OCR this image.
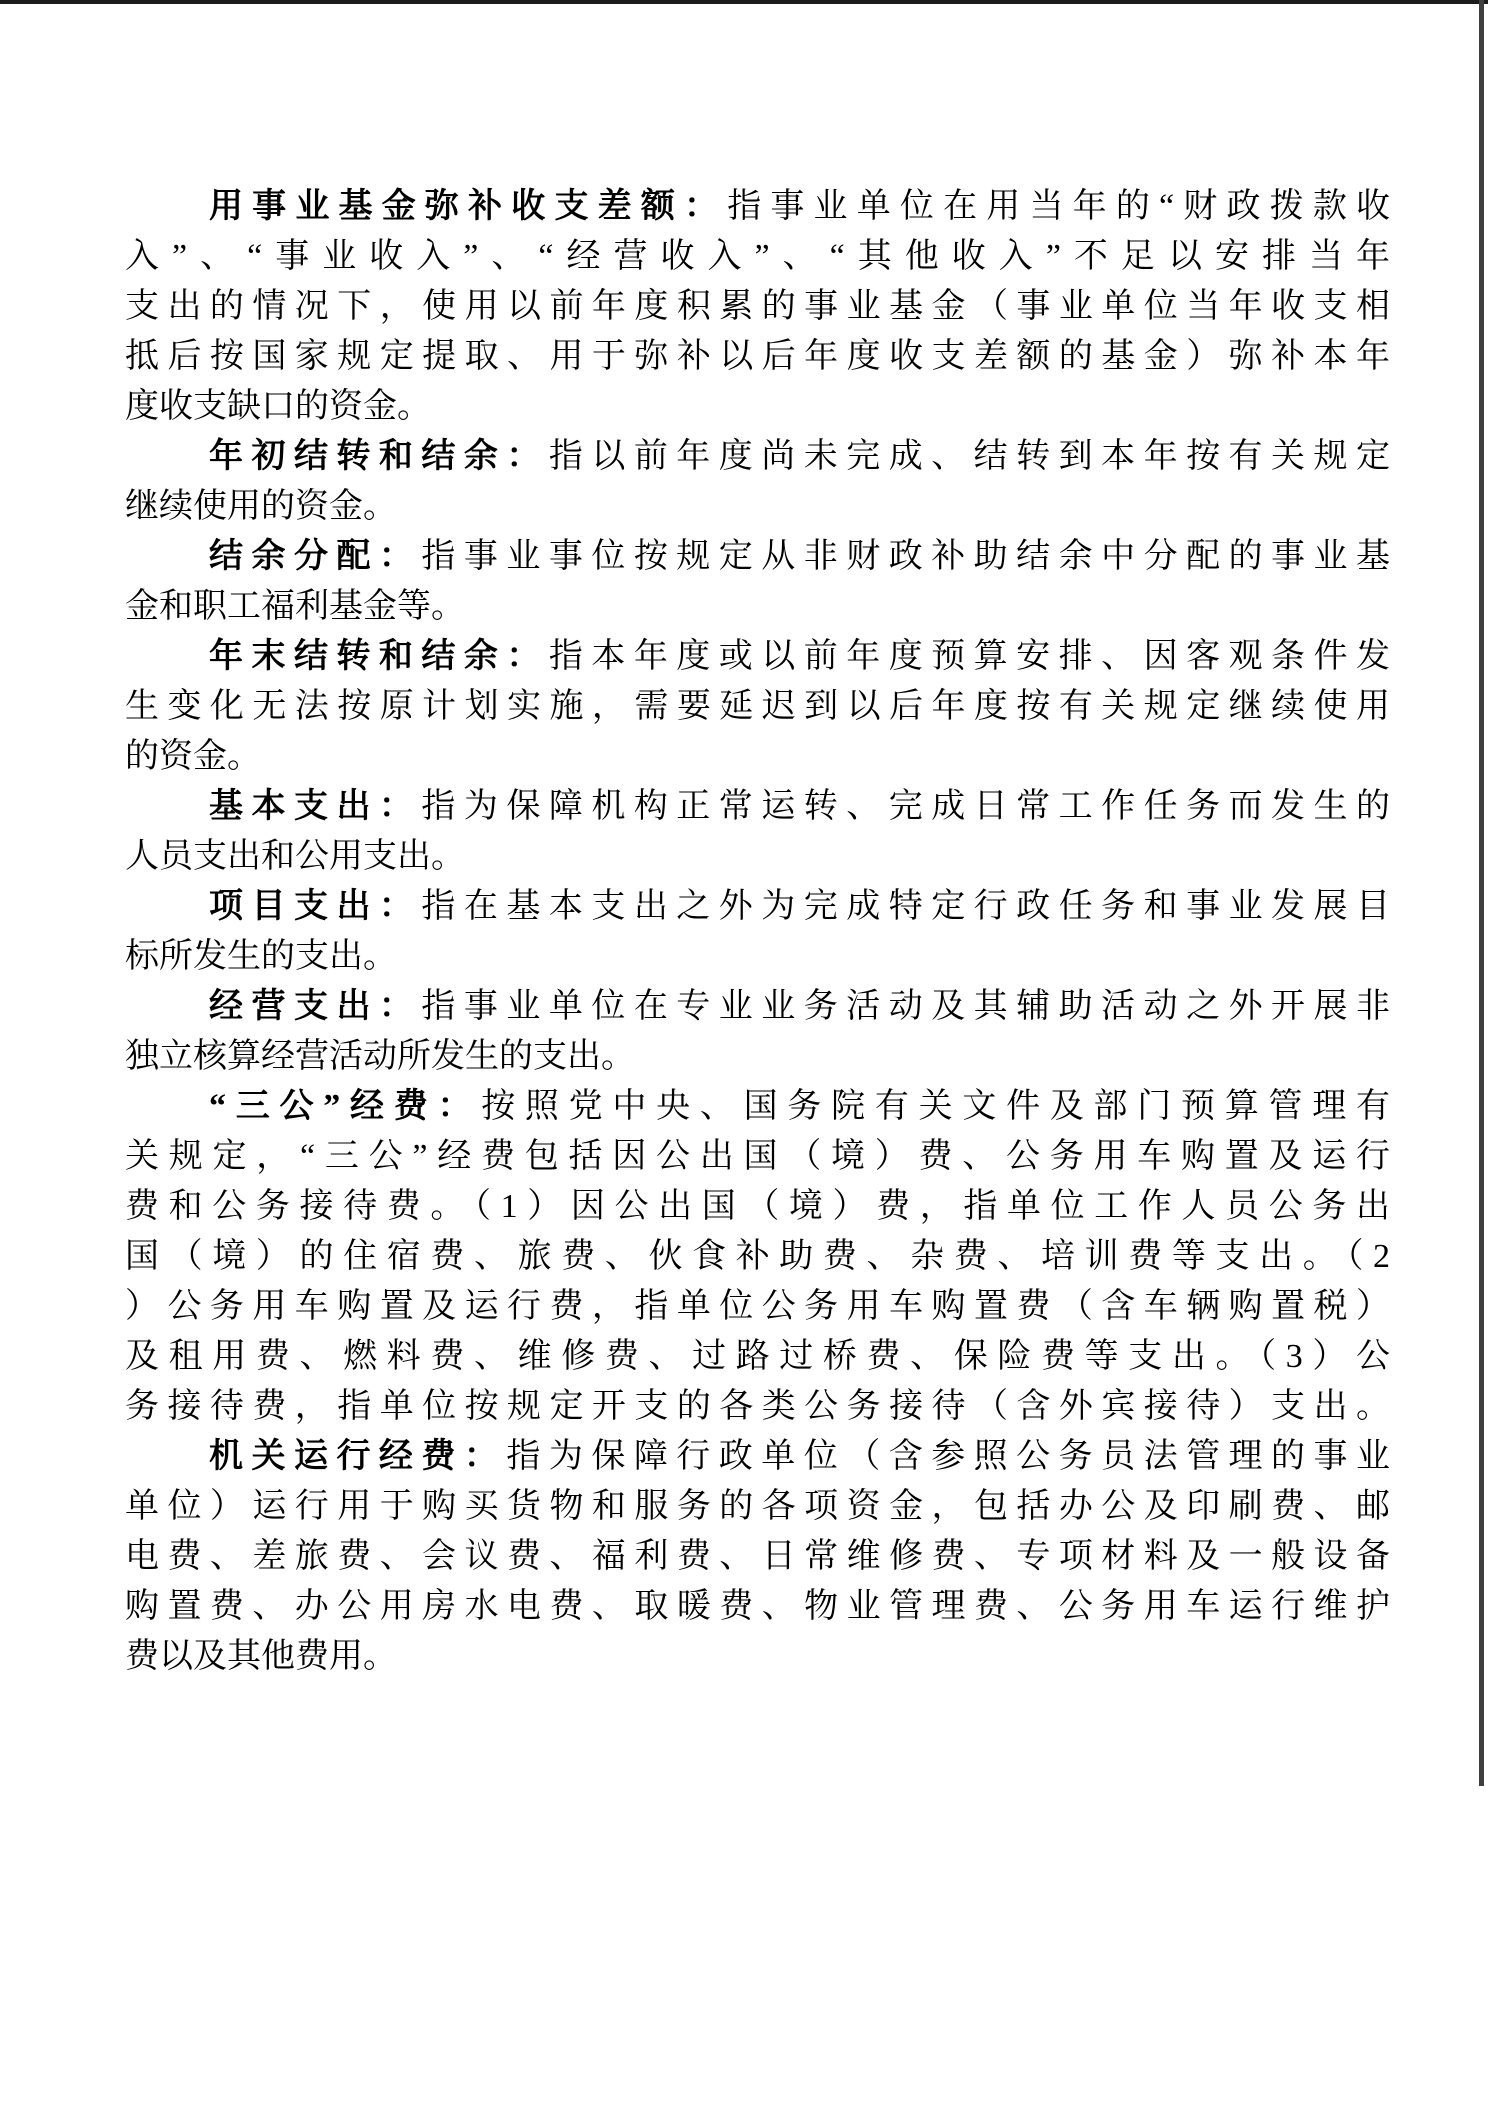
用事业基金弥补收支差额：指事业单位在用当年的“财政拨款收
入”、“事业收入”、“经营收入”、“其他收入”不足以安排当年
支出的情况下，使用以前年度积累的事业基金（事业单位当年收支相
抵后按国家规定提取、用于弥补以后年度收支差额的基金）弥补本年
度收支缺口的资金。
年初结转和结余：指以前年度尚未完成、结转到本年按有关规定
继续使用的资金。
结余分配：指事业事位按规定从非财政补助结余中分配的事业基
金和职工福利基金等。
年末结转和结余：指本年度或以前年度预算安排、因客观条件发
生变化无法按原计划实施，需要延迟到以后年度按有关规定继续使用
的资金。
基本支出：指为保障机构正常运转、完成日常工作任务而发生的
人员支出和公用支出。
项目支出：指在基本支出之外为完成特定行政任务和事业发展目
标所发生的支出。
经营支出：指事业单位在专业业务活动及其辅助活动之外开展非
独立核算经营活动所发生的支出。
“三公”经费：按照党中央、国务院有关文件及部门预算管理有
关规定，“三公”经费包括因公出国（境）费、公务用车购置及运行
费和公务接待费。（1）因公出国（境）费，指单位工作人员公务出
国（境）的住宿费、旅费、伙食补助费、杂费、培训费等支出。（2
）公务用车购置及运行费，指单位公务用车购置费（含车辆购置税）
及租用费、燃料费、维修费、过路过桥费、保险费等支出。（3）公
务接待费，指单位按规定开支的各类公务接待（含外宾接待）支出。
机关运行经费：指为保障行政单位（含参照公务员法管理的事业
单位）运行用于购买货物和服务的各项资金，包括办公及印刷费、邮
电费、差旅费、会议费、福利费、日常维修费、专项材料及一般设备
购置费、办公用房水电费、取暖费、物业管理费、公务用车运行维护
费以及其他费用。
